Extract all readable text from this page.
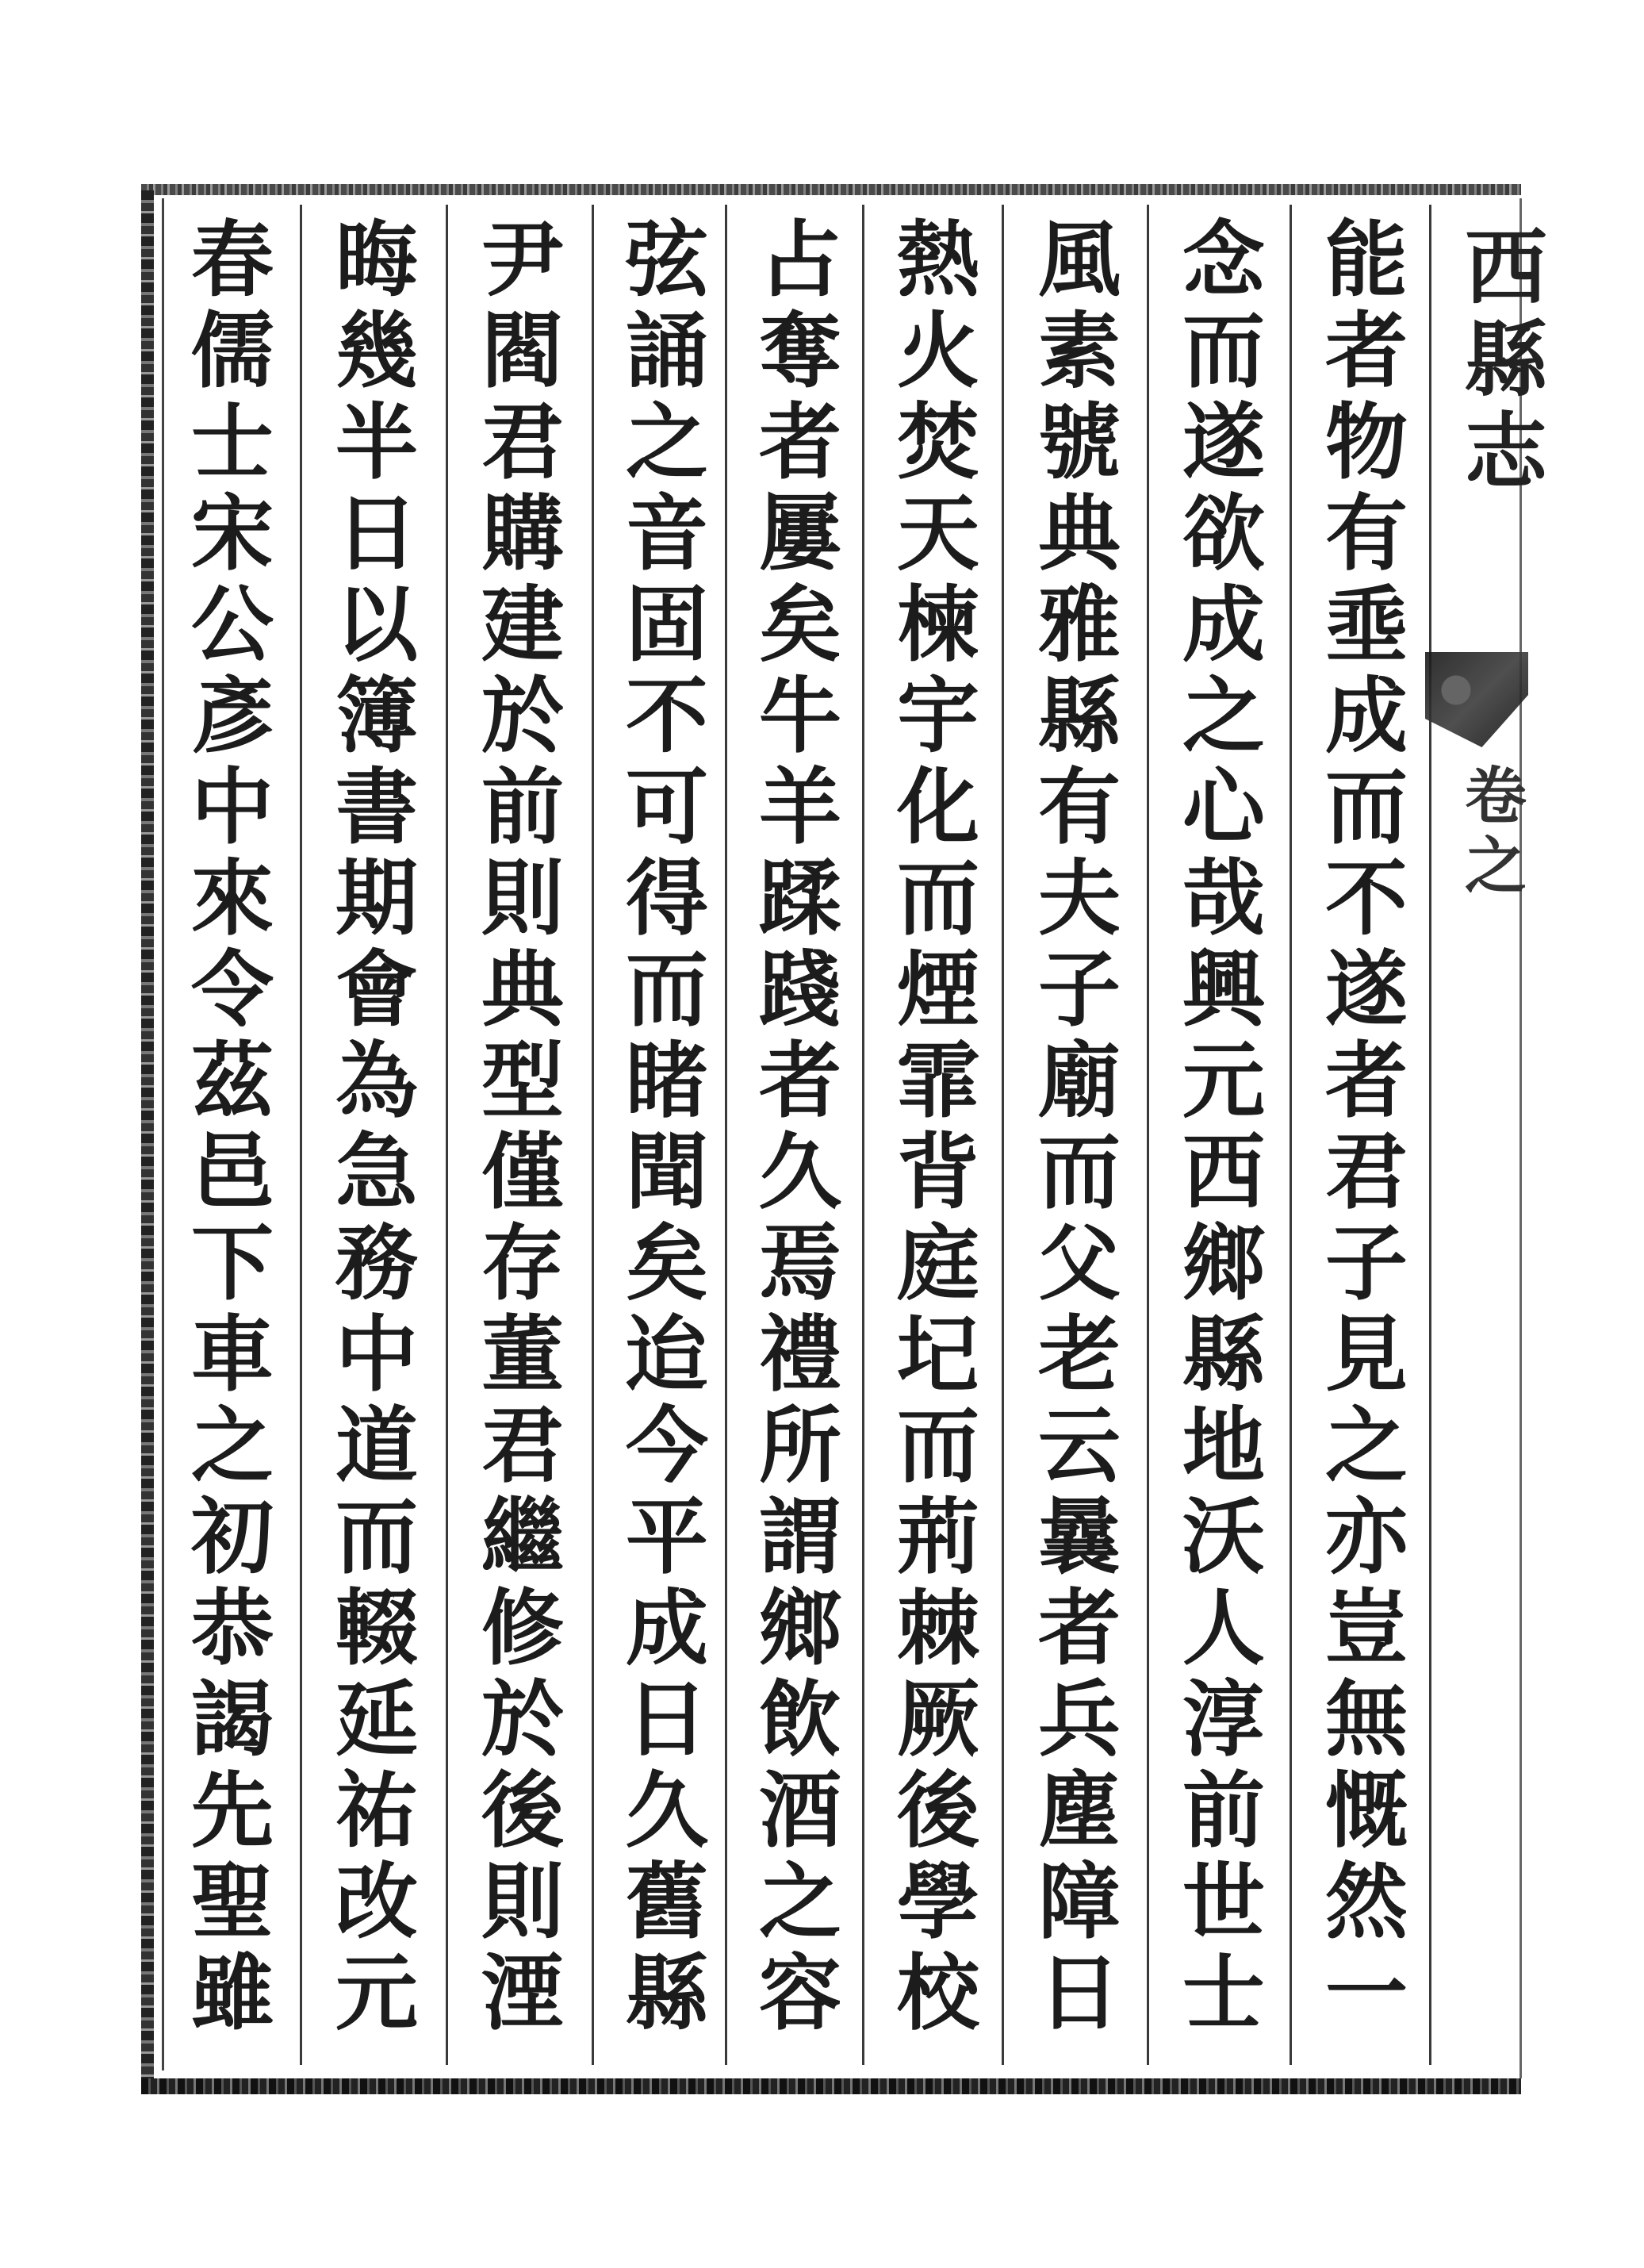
西縣志
卷之
能者物有埀成而不遂者君子見之亦豈無慨然一
念而遂欲成之心哉興元西鄉縣地沃人淳前世士
風素號典雅縣有夫子廟而父老云曩者兵塵障日
熱火焚天楝宇化而煙霏背庭圮而荊棘厥後學校
占奪者屢矣牛羊蹂踐者久焉禮所謂鄉飲酒之容
弦誦之音固不可得而睹聞矣迨今平成日久舊縣
尹閻君購建於前則典型僅存董君繼修於後則湮
晦幾半日以簿書期會為急務中道而輟延祐改元
春儒士宋公彥中來令茲邑下車之初恭謁先聖雖
